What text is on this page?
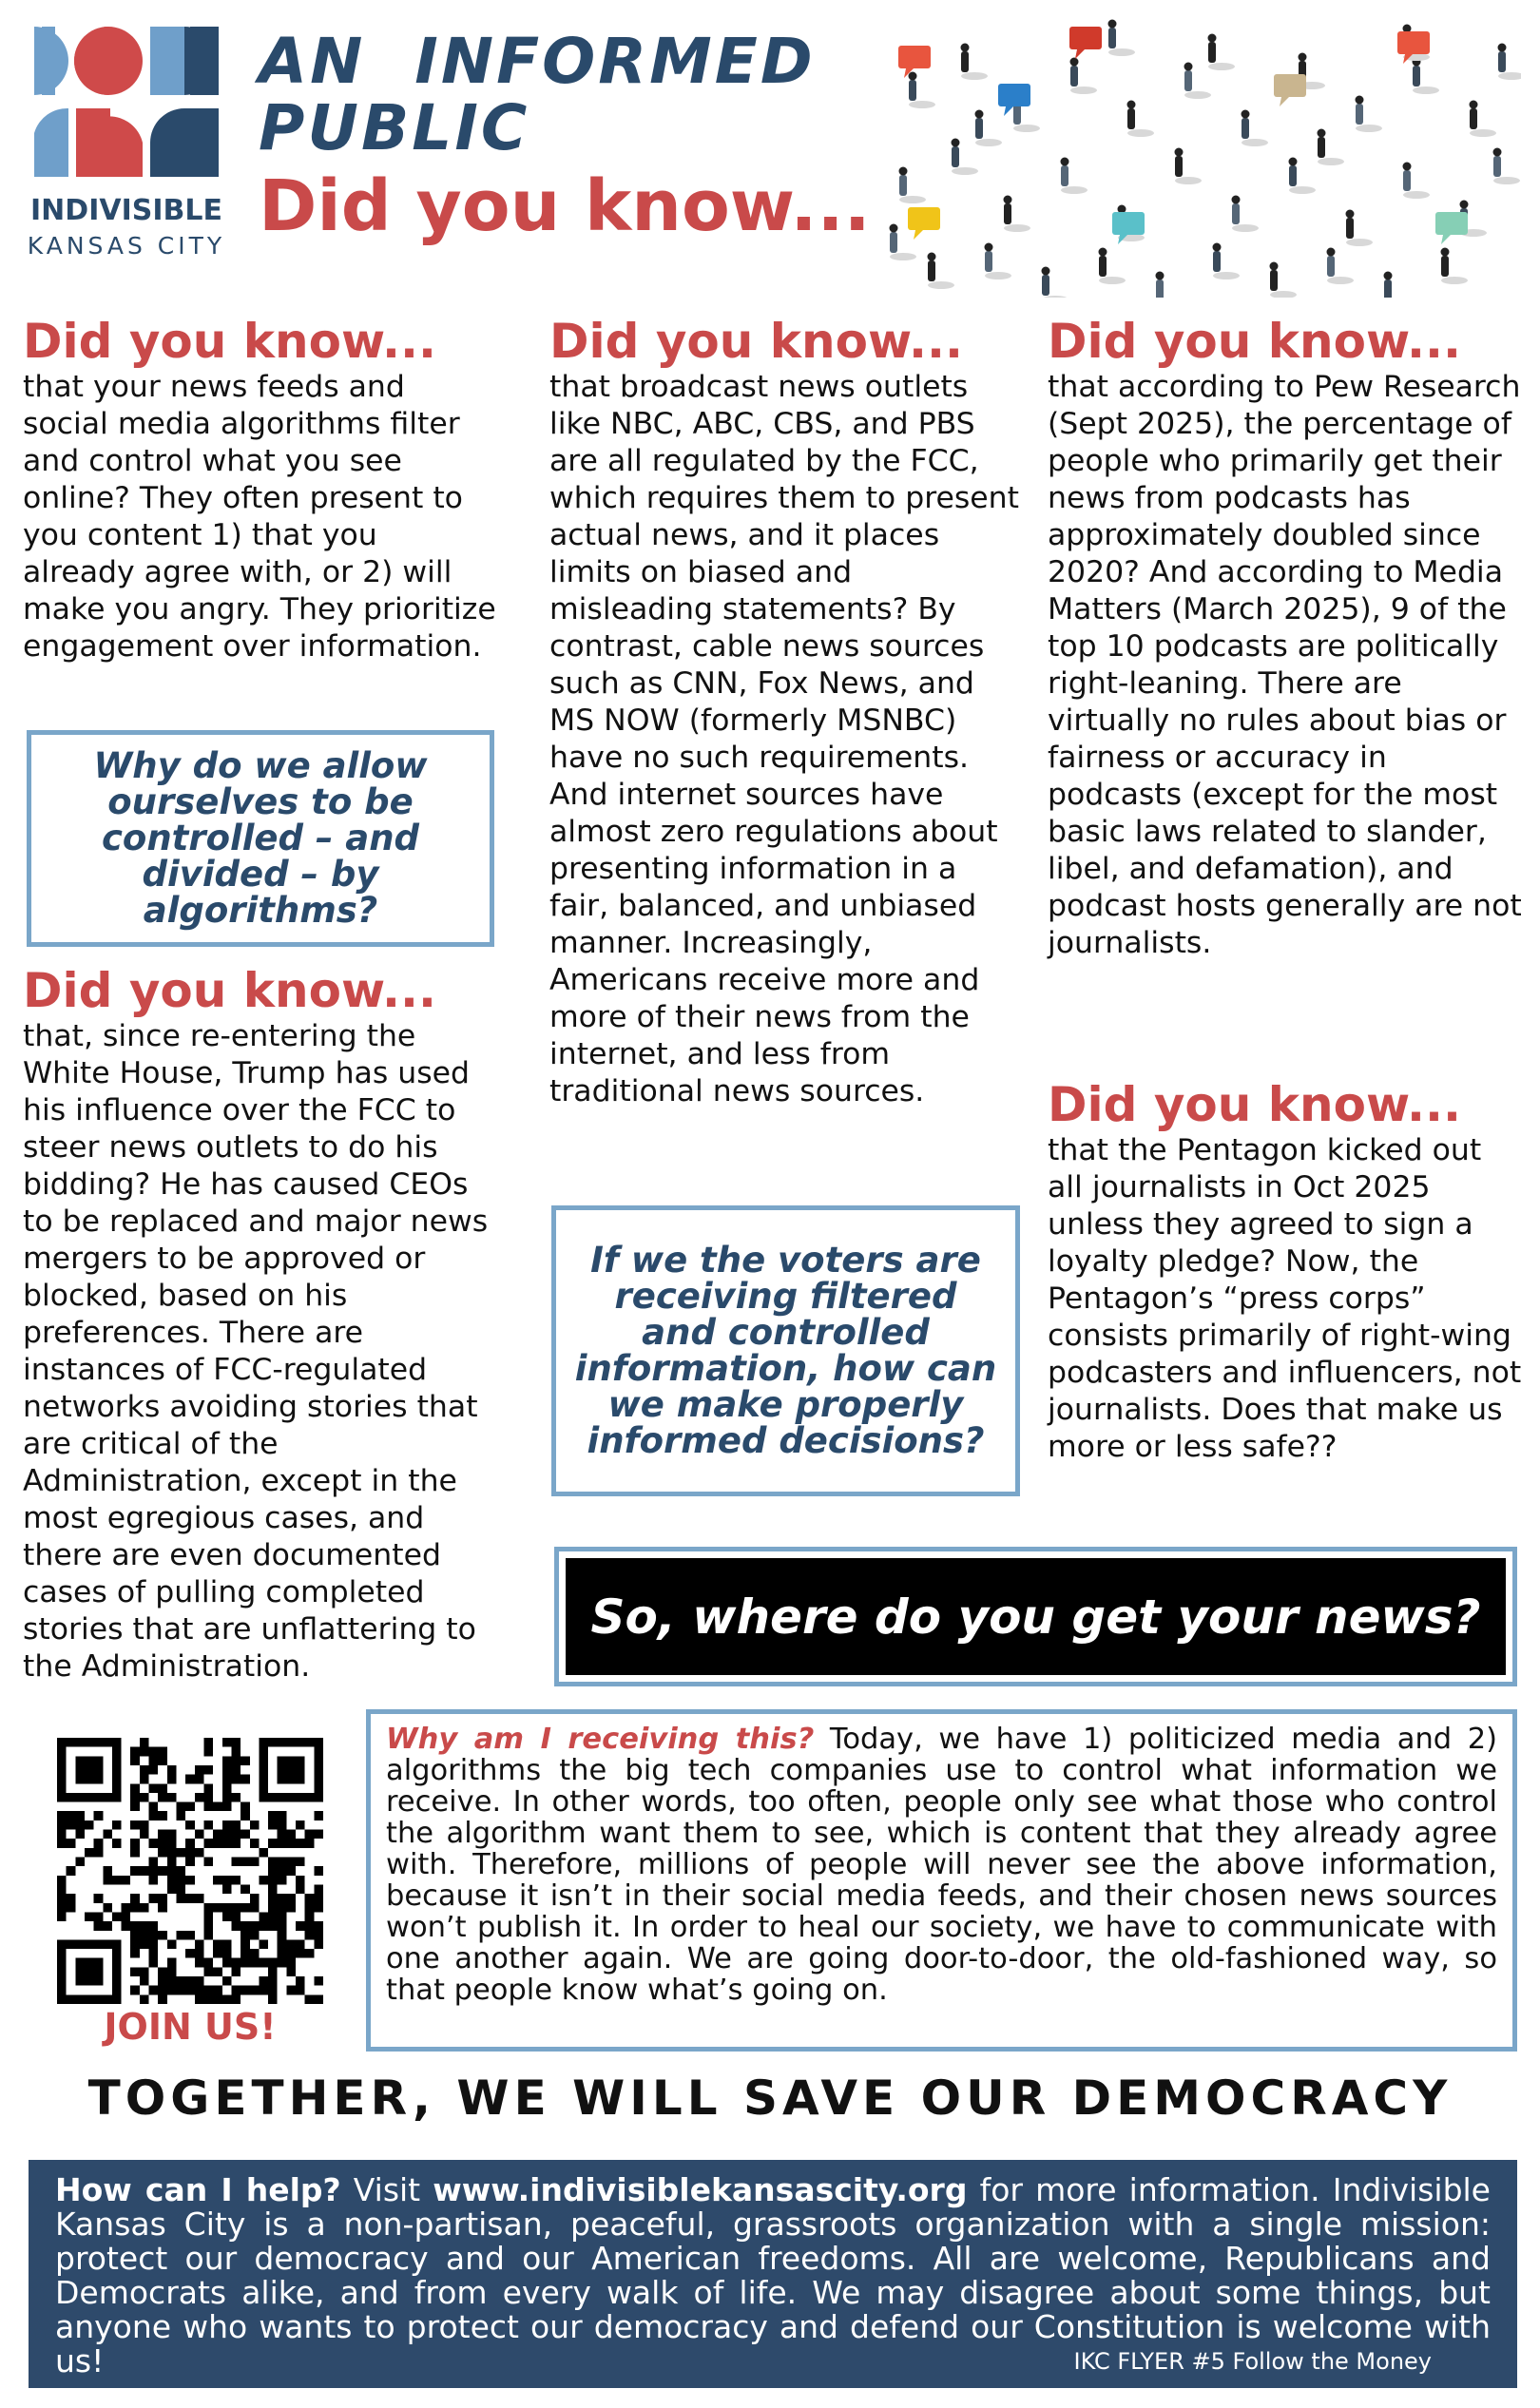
INDIVISIBLE
KANSAS CITY
AN  INFORMED
PUBLIC
Did you know...
Did you know...
that your news feeds and social media algorithms filter and control what you see online? They often present to you content 1) that you already agree with, or 2) will make you angry. They prioritize engagement over information.
Why do we allow ourselves to be controlled – and divided – by algorithms?
Did you know...
that, since re-entering the White House, Trump has used his influence over the FCC to steer news outlets to do his bidding? He has caused CEOs to be replaced and major news mergers to be approved or blocked, based on his preferences. There are instances of FCC-regulated networks avoiding stories that are critical of the Administration, except in the most egregious cases, and there are even documented cases of pulling completed stories that are unflattering to the Administration.
Did you know...
that broadcast news outlets like NBC, ABC, CBS, and PBS are all regulated by the FCC, which requires them to present actual news, and it places limits on biased and misleading statements? By contrast, cable news sources such as CNN, Fox News, and MS NOW (formerly MSNBC) have no such requirements. And internet sources have almost zero regulations about presenting information in a fair, balanced, and unbiased manner. Increasingly, Americans receive more and more of their news from the internet, and less from traditional news sources.
If we the voters are receiving filtered and controlled information, how can we make properly informed decisions?
Did you know...
that according to Pew Research (Sept 2025), the percentage of people who primarily get their news from podcasts has approximately doubled since 2020? And according to Media Matters (March 2025), 9 of the top 10 podcasts are politically right-leaning. There are virtually no rules about bias or fairness or accuracy in podcasts (except for the most basic laws related to slander, libel, and defamation), and podcast hosts generally are not journalists.
Did you know...
that the Pentagon kicked out all journalists in Oct 2025 unless they agreed to sign a loyalty pledge? Now, the Pentagon’s “press corps” consists primarily of right-wing podcasters and influencers, not journalists. Does that make us more or less safe??
So, where do you get your news?
JOIN US!

Why am I receiving this? Today, we have 1) politicized media and 2) algorithms the big tech companies use to control what information we receive. In other words, too often, people only see what those who control the algorithm want them to see, which is content that they already agree with. Therefore, millions of people will never see the above information, because it isn’t in their social media feeds, and their chosen news sources won’t publish it. In order to heal our society, we have to communicate with one another again. We are going door-to-door, the old-fashioned way, so that people know what’s going on.

TOGETHER, WE WILL SAVE OUR DEMOCRACY

How can I help? Visit www.indivisiblekansascity.org for more information. Indivisible Kansas City is a non-partisan, peaceful, grassroots organization with a single mission: protect our democracy and our American freedoms. All are welcome, Republicans and Democrats alike, and from every walk of life. We may disagree about some things, but anyone who wants to protect our democracy and defend our Constitution is welcome with us!	IKC FLYER #5 Follow the Money
